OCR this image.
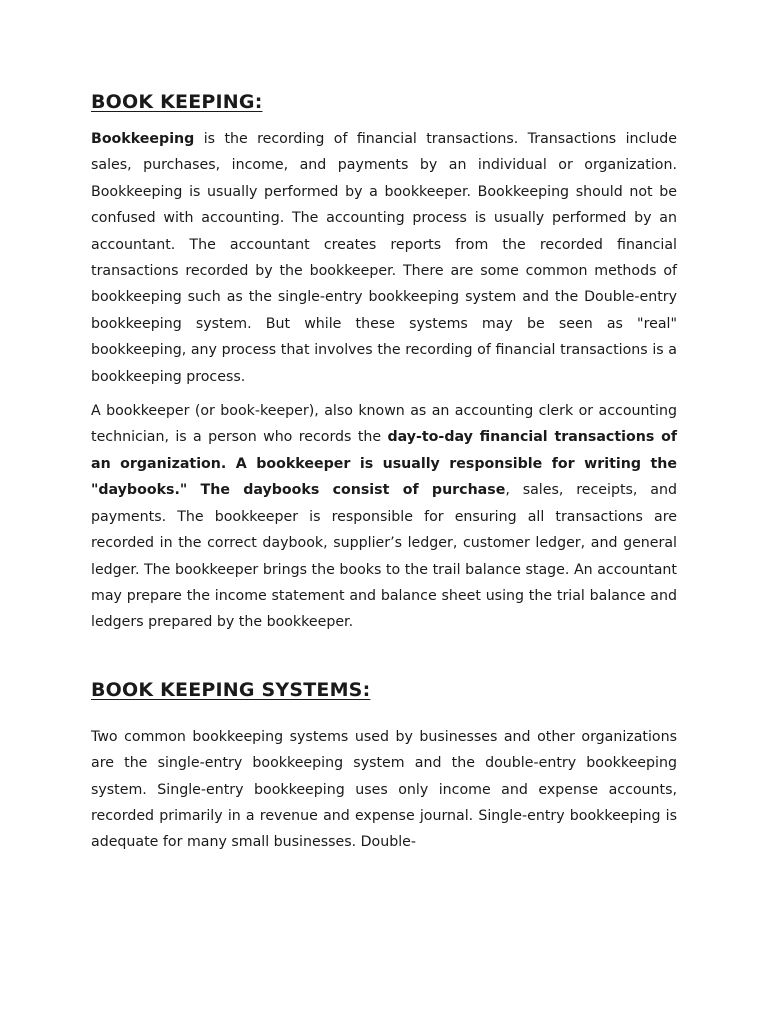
BOOK KEEPING:

Bookkeeping is the recording of financial transactions. Transactions include sales, purchases, income, and payments by an individual or organization. Bookkeeping is usually performed by a bookkeeper. Bookkeeping should not be confused with accounting. The accounting process is usually performed by an accountant. The accountant creates reports from the recorded financial transactions recorded by the bookkeeper. There are some common methods of bookkeeping such as the single-entry bookkeeping system and the Double-entry bookkeeping system. But while these systems may be seen as "real" bookkeeping, any process that involves the recording of financial transactions is a bookkeeping process.

A bookkeeper (or book-keeper), also known as an accounting clerk or accounting technician, is a person who records the day-to-day financial transactions of an organization. A bookkeeper is usually responsible for writing the "daybooks." The daybooks consist of purchase, sales, receipts, and payments. The bookkeeper is responsible for ensuring all transactions are recorded in the correct daybook, supplier’s ledger, customer ledger, and general ledger. The bookkeeper brings the books to the trail balance stage. An accountant may prepare the income statement and balance sheet using the trial balance and ledgers prepared by the bookkeeper.

BOOK KEEPING SYSTEMS:

Two common bookkeeping systems used by businesses and other organizations are the single-entry bookkeeping system and the double-entry bookkeeping system. Single-entry bookkeeping uses only income and expense accounts, recorded primarily in a revenue and expense journal. Single-entry bookkeeping is adequate for many small businesses. Double-
